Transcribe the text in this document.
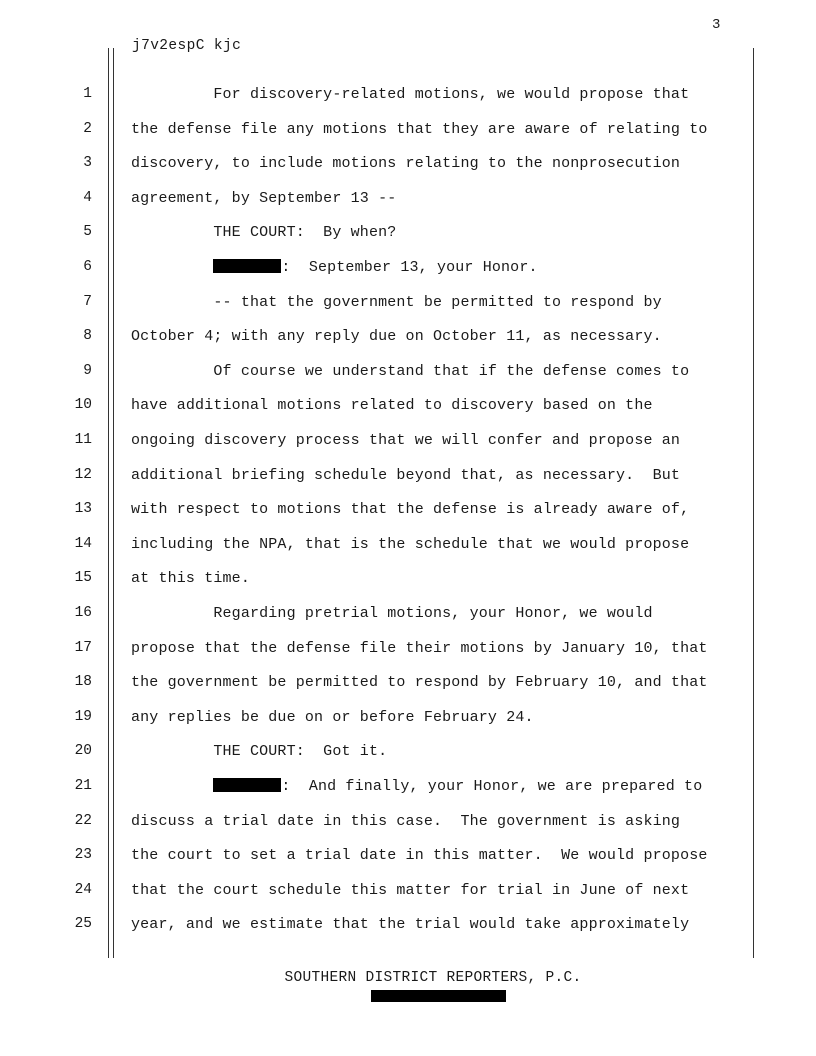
3
j7v2espC kjc
1	For discovery-related motions, we would propose that
2	the defense file any motions that they are aware of relating to
3	discovery, to include motions relating to the nonprosecution
4	agreement, by September 13 --
5	THE COURT:  By when?
6	:  September 13, your Honor.
7	-- that the government be permitted to respond by
8	October 4; with any reply due on October 11, as necessary.
9	Of course we understand that if the defense comes to
10	have additional motions related to discovery based on the
11	ongoing discovery process that we will confer and propose an
12	additional briefing schedule beyond that, as necessary.  But
13	with respect to motions that the defense is already aware of,
14	including the NPA, that is the schedule that we would propose
15	at this time.
16	Regarding pretrial motions, your Honor, we would
17	propose that the defense file their motions by January 10, that
18	the government be permitted to respond by February 10, and that
19	any replies be due on or before February 24.
20	THE COURT:  Got it.
21	:  And finally, your Honor, we are prepared to
22	discuss a trial date in this case.  The government is asking
23	the court to set a trial date in this matter.  We would propose
24	that the court schedule this matter for trial in June of next
25	year, and we estimate that the trial would take approximately
SOUTHERN DISTRICT REPORTERS, P.C.
